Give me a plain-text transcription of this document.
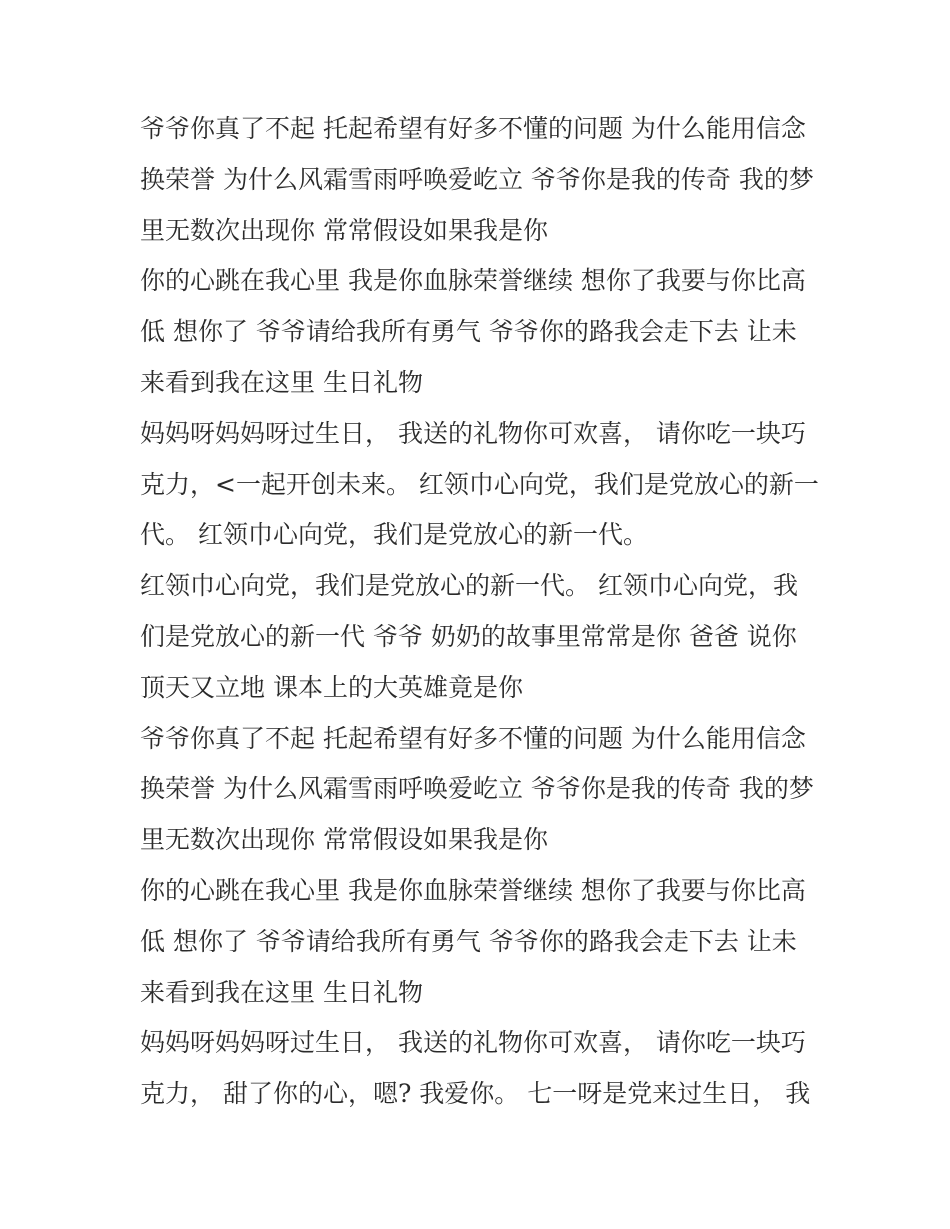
爷爷你真了不起 托起希望有好多不懂的问题 为什么能用信念
换荣誉 为什么风霜雪雨呼唤爱屹立 爷爷你是我的传奇 我的梦
里无数次出现你 常常假设如果我是你
你的心跳在我心里 我是你血脉荣誉继续 想你了我要与你比高
低 想你了 爷爷请给我所有勇气 爷爷你的路我会走下去 让未
来看到我在这里 生日礼物
妈妈呀妈妈呀过生日， 我送的礼物你可欢喜， 请你吃一块巧
克力，<一起开创未来。 红领巾心向党，我们是党放心的新一
代。 红领巾心向党，我们是党放心的新一代。
红领巾心向党，我们是党放心的新一代。 红领巾心向党，我
们是党放心的新一代 爷爷 奶奶的故事里常常是你 爸爸 说你
顶天又立地 课本上的大英雄竟是你
爷爷你真了不起 托起希望有好多不懂的问题 为什么能用信念
换荣誉 为什么风霜雪雨呼唤爱屹立 爷爷你是我的传奇 我的梦
里无数次出现你 常常假设如果我是你
你的心跳在我心里 我是你血脉荣誉继续 想你了我要与你比高
低 想你了 爷爷请给我所有勇气 爷爷你的路我会走下去 让未
来看到我在这里 生日礼物
妈妈呀妈妈呀过生日， 我送的礼物你可欢喜， 请你吃一块巧
克力， 甜了你的心，嗯? 我爱你。 七一呀是党来过生日， 我
